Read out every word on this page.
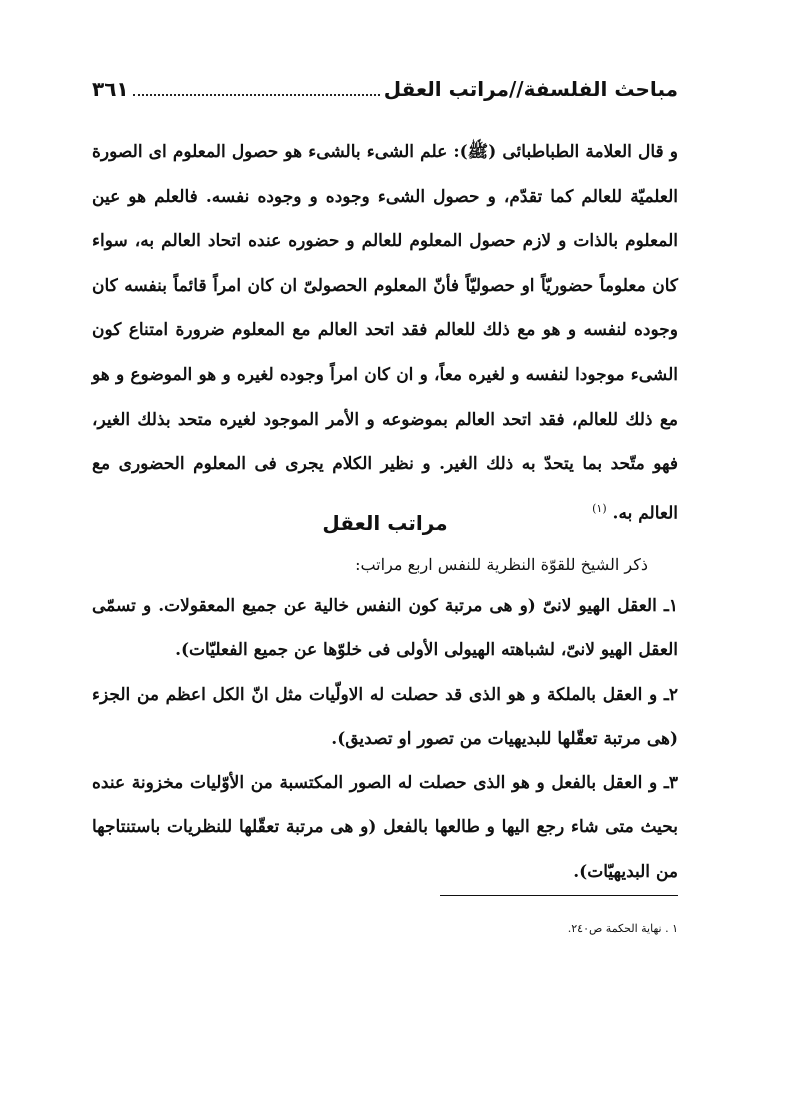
مباحث الفلسفة//مراتب العقل
٣٦١

و قال العلامة الطباطبائی (ﷺ): علم الشیء بالشیء هو حصول المعلوم ای الصورة العلمیّة للعالم کما تقدّم، و حصول الشیء وجوده و وجوده نفسه. فالعلم هو عین المعلوم بالذات و لازم حصول المعلوم للعالم و حضوره عنده اتحاد العالم به، سواء کان معلوماً حضوریّاً او حصولیّاً فأنّ المعلوم الحصولیّ ان کان امراً قائماً بنفسه کان وجوده لنفسه و هو مع ذلك للعالم فقد اتحد العالم مع المعلوم ضرورة امتناع کون الشیء موجودا لنفسه و لغیره معاً، و ان کان امراً وجوده لغیره و هو الموضوع و هو مع ذلك للعالم، فقد اتحد العالم بموضوعه و الأمر الموجود لغیره متحد بذلك الغیر، فهو متّحد بما یتحدّ به ذلك الغیر. و نظیر الکلام یجری فی المعلوم الحضوری مع العالم به. $^{(١)}$

مراتب العقل
ذکر الشیخ للقوّة النظریة للنفس اربع مراتب:

١ـ العقل الهیو لانیّ (و هی مرتبة کون النفس خالیة عن جمیع المعقولات. و تسمّی العقل الهیو لانیّ، لشباهته الهیولی الأولی فی خلوّها عن جمیع الفعلیّات).

٢ـ و العقل بالملکة و هو الذی قد حصلت له الاولّیات مثل انّ الکل اعظم من الجزء (هی مرتبة تعقّلها للبدیهیات من تصور او تصدیق).

٣ـ و العقل بالفعل و هو الذی حصلت له الصور المکتسبة من الأوّلیات مخزونة عنده بحیث متی شاء رجع الیها و طالعها بالفعل (و هی مرتبة تعقّلها للنظریات باستنتاجها من البدیهیّات).

١ . نهاية الحكمة ص٢٤٠.
